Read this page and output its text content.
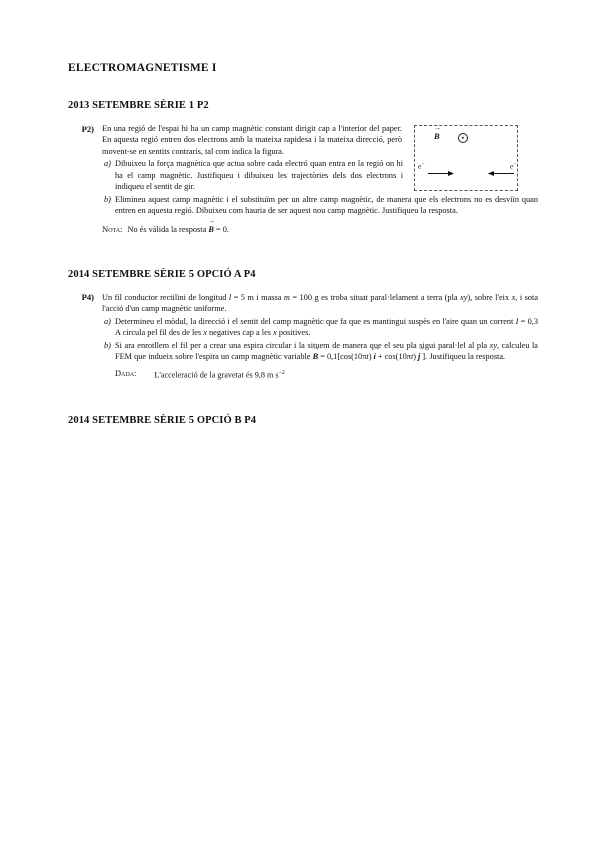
ELECTROMAGNETISME I
2013 SETEMBRE SÈRIE 1 P2
B →
e−	e−
P2) En una regió de l'espai hi ha un camp magnètic constant dirigit cap a l'interior del paper. En aquesta regió entren dos electrons amb la mateixa rapidesa i la mateixa direcció, però movent-se en sentits contraris, tal com indica la figura.

a) Dibuixeu la força magnètica que actua sobre cada electró quan entra en la regió on hi ha el camp magnètic. Justifiqueu i dibuixeu les trajectòries dels dos electrons i indiqueu el sentit de gir.
b) Elimineu aquest camp magnètic i el substituïm per un altre camp magnètic, de manera que els electrons no es desviïn quan entren en aquesta regió. Dibuixeu com hauria de ser aquest nou camp magnètic. Justifiqueu la resposta.
Nota: No és vàlida la resposta B → = 0.
2014 SETEMBRE SÈRIE 5 OPCIÓ A P4
P4) Un fil conductor rectilini de longitud l = 5 m i massa m = 100 g es troba situat paral·lelament a terra (pla xy), sobre l'eix x, i sota l'acció d'un camp magnètic uniforme.

a) Determineu el mòdul, la direcció i el sentit del camp magnètic que fa que es mantingui suspès en l'aire quan un corrent I = 0,3 A circula pel fil des de les x negatives cap a les x positives.
b) Si ara enrotllem el fil per a crear una espira circular i la situem de manera que el seu pla sigui paral·lel al pla xy, calculeu la FEM que indueix sobre l'espira un camp magnètic variable B → = 0,1[cos(10πt) i → + cos(10πt) j → ]. Justifiqueu la resposta.
Dada:	L'acceleració de la gravetat és 9,8 m $s^{-2}$
2014 SETEMBRE SÈRIE 5 OPCIÓ B P4
